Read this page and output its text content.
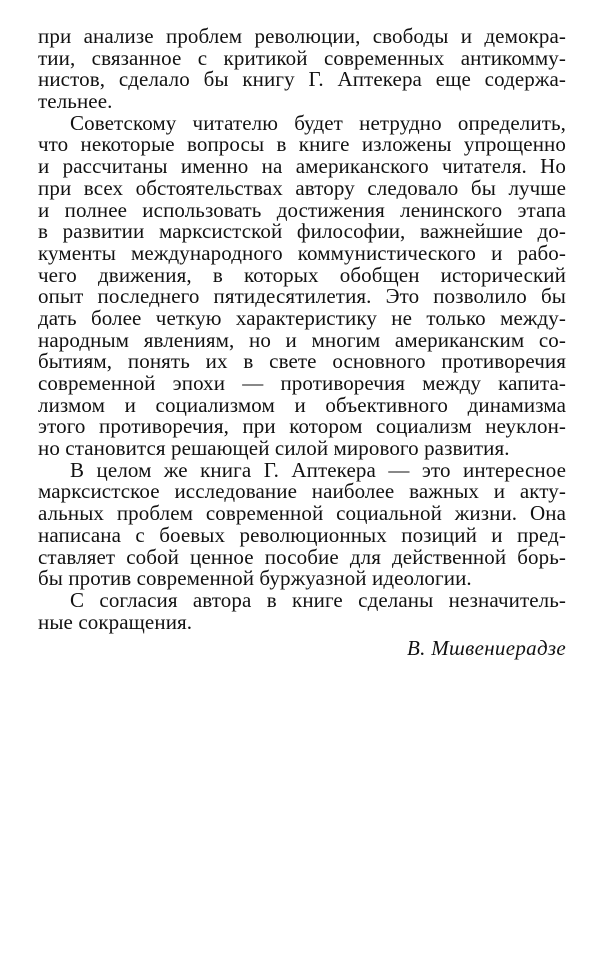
при анализе проблем революции, свободы и демокра-
тии, связанное с критикой современных антикомму-
нистов, сделало бы книгу Г. Аптекера еще содержа-
тельнее.
Советскому читателю будет нетрудно определить,
что некоторые вопросы в книге изложены упрощенно
и рассчитаны именно на американского читателя. Но
при всех обстоятельствах автору следовало бы лучше
и полнее использовать достижения ленинского этапа
в развитии марксистской философии, важнейшие до-
кументы международного коммунистического и рабо-
чего движения, в которых обобщен исторический
опыт последнего пятидесятилетия. Это позволило бы
дать более четкую характеристику не только между-
народным явлениям, но и многим американским со-
бытиям, понять их в свете основного противоречия
современной эпохи — противоречия между капита-
лизмом и социализмом и объективного динамизма
этого противоречия, при котором социализм неуклон-
но становится решающей силой мирового развития.
В целом же книга Г. Аптекера — это интересное
марксистское исследование наиболее важных и акту-
альных проблем современной социальной жизни. Она
написана с боевых революционных позиций и пред-
ставляет собой ценное пособие для действенной борь-
бы против современной буржуазной идеологии.
С согласия автора в книге сделаны незначитель-
ные сокращения.
В. Мшвениерадзе
